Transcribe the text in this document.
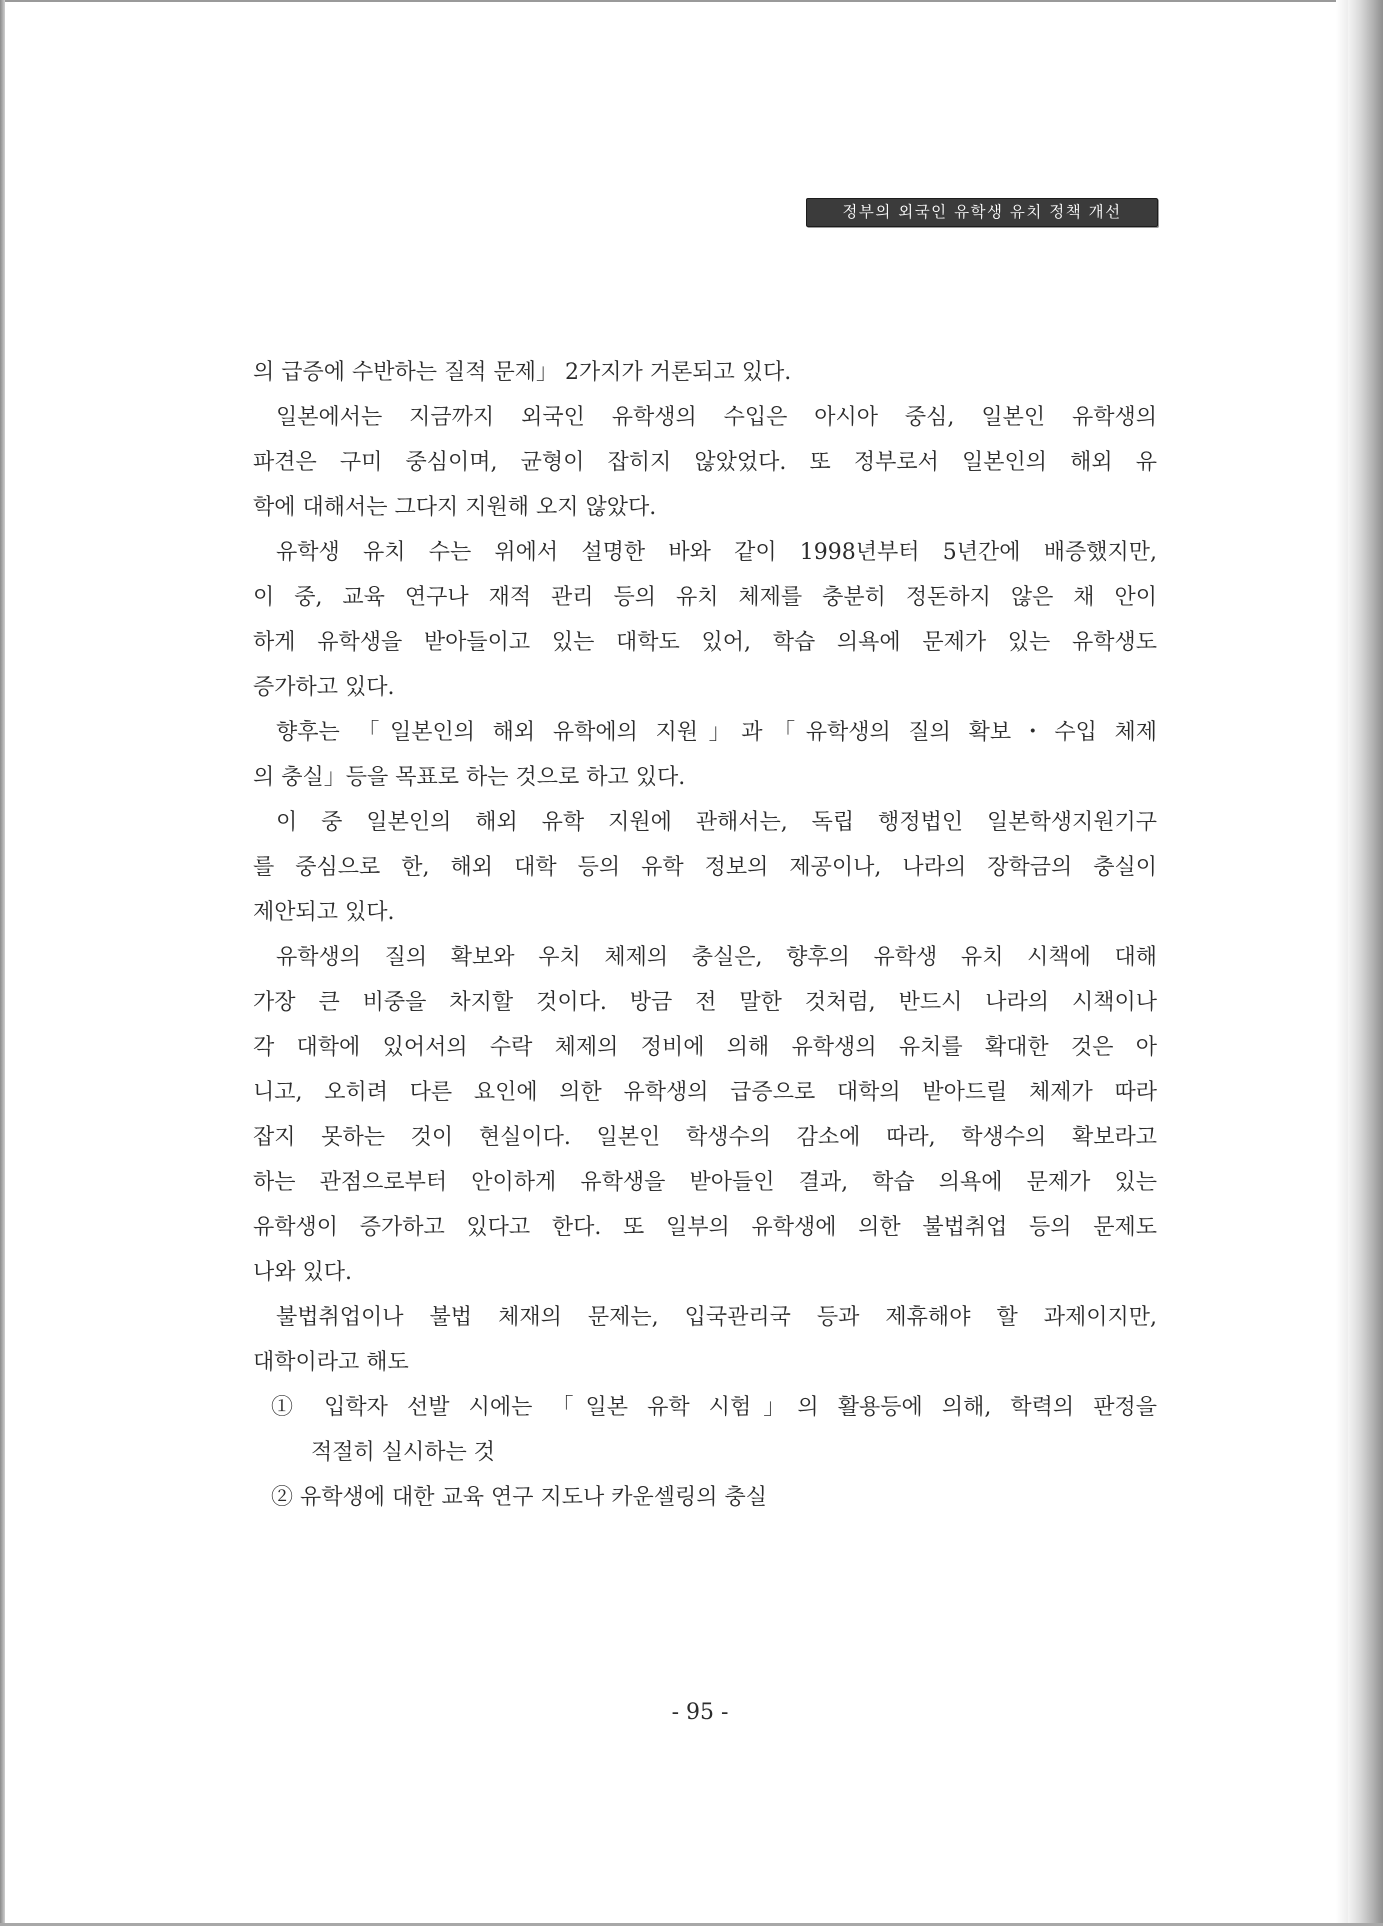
정부의 외국인 유학생 유치 정책 개선
의 급증에 수반하는 질적 문제」 2가지가 거론되고 있다.
일본에서는 지금까지 외국인 유학생의 수입은 아시아 중심, 일본인 유학생의
파견은 구미 중심이며, 균형이 잡히지 않았었다. 또 정부로서 일본인의 해외 유
학에 대해서는 그다지 지원해 오지 않았다.
유학생 유치 수는 위에서 설명한 바와 같이 1998년부터 5년간에 배증했지만,
이 중, 교육 연구나 재적 관리 등의 유치 체제를 충분히 정돈하지 않은 채 안이
하게 유학생을 받아들이고 있는 대학도 있어, 학습 의욕에 문제가 있는 유학생도
증가하고 있다.
향후는 「일본인의 해외 유학에의 지원」과「유학생의 질의 확보・수입 체제
의 충실」등을 목표로 하는 것으로 하고 있다.
이 중 일본인의 해외 유학 지원에 관해서는, 독립 행정법인 일본학생지원기구
를 중심으로 한, 해외 대학 등의 유학 정보의 제공이나, 나라의 장학금의 충실이
제안되고 있다.
유학생의 질의 확보와 우치 체제의 충실은, 향후의 유학생 유치 시책에 대해
가장 큰 비중을 차지할 것이다. 방금 전 말한 것처럼, 반드시 나라의 시책이나
각 대학에 있어서의 수락 체제의 정비에 의해 유학생의 유치를 확대한 것은 아
니고, 오히려 다른 요인에 의한 유학생의 급증으로 대학의 받아드릴 체제가 따라
잡지 못하는 것이 현실이다. 일본인 학생수의 감소에 따라, 학생수의 확보라고
하는 관점으로부터 안이하게 유학생을 받아들인 결과, 학습 의욕에 문제가 있는
유학생이 증가하고 있다고 한다. 또 일부의 유학생에 의한 불법취업 등의 문제도
나와 있다.
불법취업이나 불법 체재의 문제는, 입국관리국 등과 제휴해야 할 과제이지만,
대학이라고 해도
① 입학자 선발 시에는 「일본 유학 시험」의 활용등에 의해, 학력의 판정을
적절히 실시하는 것
② 유학생에 대한 교육 연구 지도나 카운셀링의 충실
- 95 -
